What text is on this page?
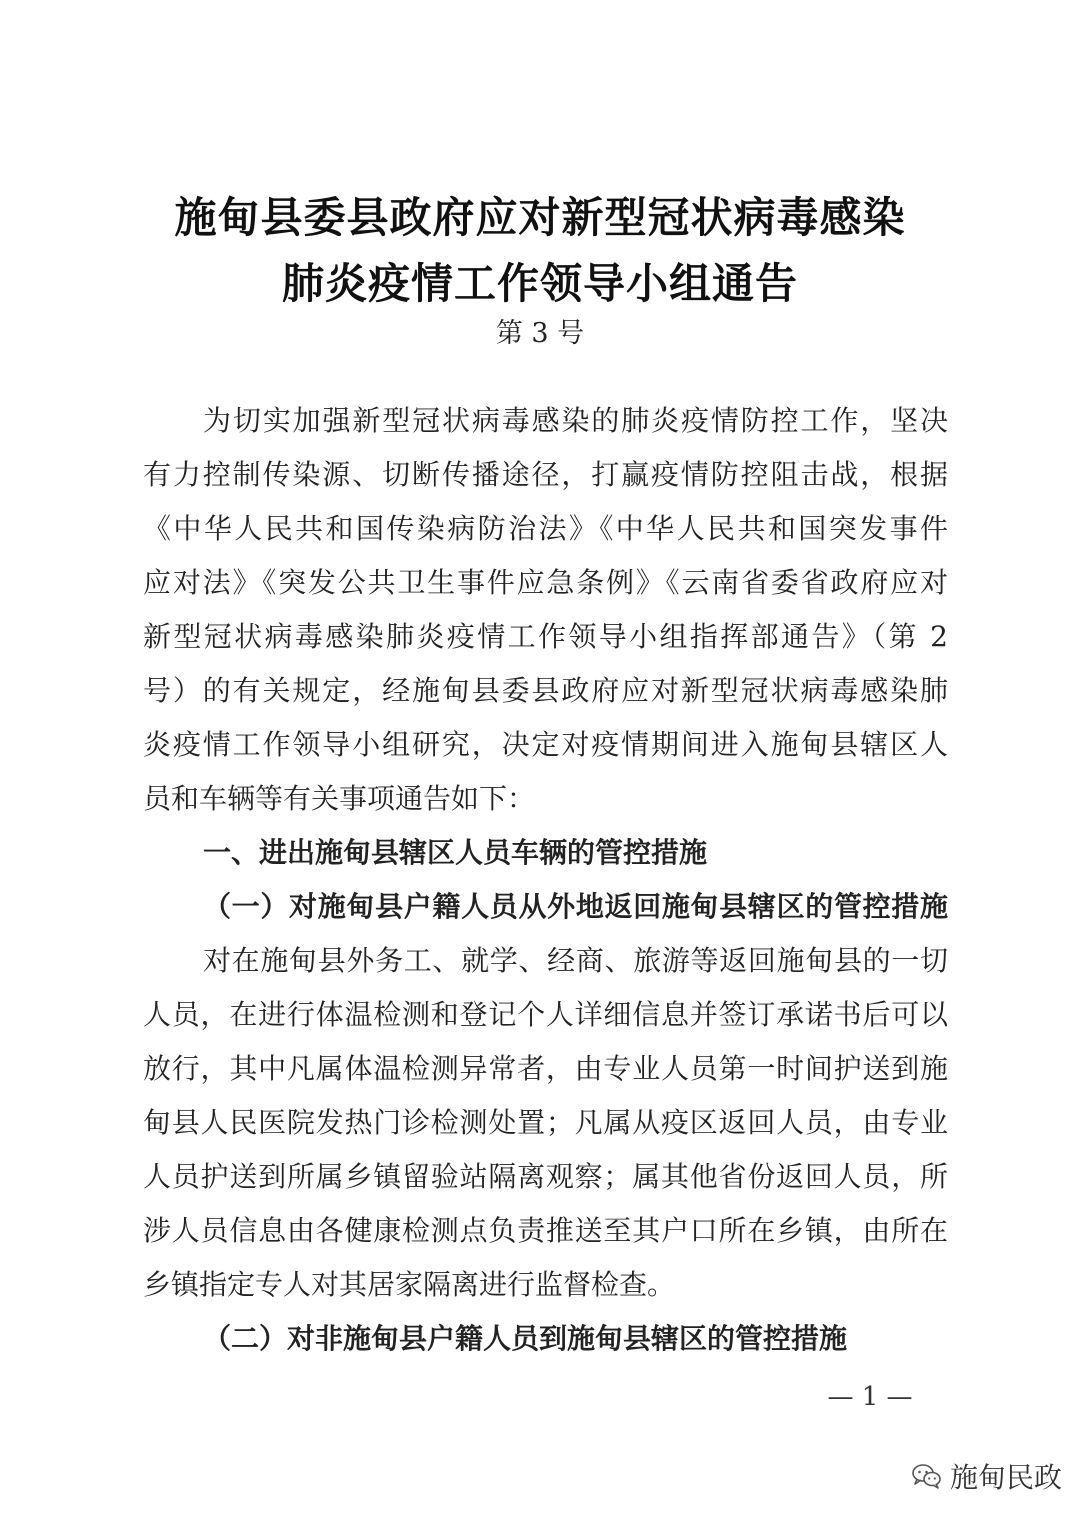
施甸县委县政府应对新型冠状病毒感染
肺炎疫情工作领导小组通告
第 3 号
为切实加强新型冠状病毒感染的肺炎疫情防控工作，坚决
有力控制传染源、切断传播途径，打赢疫情防控阻击战，根据
《中华人民共和国传染病防治法》《中华人民共和国突发事件
应对法》《突发公共卫生事件应急条例》《云南省委省政府应对
新型冠状病毒感染肺炎疫情工作领导小组指挥部通告》（第 2
号）的有关规定，经施甸县委县政府应对新型冠状病毒感染肺
炎疫情工作领导小组研究，决定对疫情期间进入施甸县辖区人
员和车辆等有关事项通告如下：
一、进出施甸县辖区人员车辆的管控措施
（一）对施甸县户籍人员从外地返回施甸县辖区的管控措施
对在施甸县外务工、就学、经商、旅游等返回施甸县的一切
人员，在进行体温检测和登记个人详细信息并签订承诺书后可以
放行，其中凡属体温检测异常者，由专业人员第一时间护送到施
甸县人民医院发热门诊检测处置；凡属从疫区返回人员，由专业
人员护送到所属乡镇留验站隔离观察；属其他省份返回人员，所
涉人员信息由各健康检测点负责推送至其户口所在乡镇，由所在
乡镇指定专人对其居家隔离进行监督检查。
（二）对非施甸县户籍人员到施甸县辖区的管控措施
— 1 —
施甸民政
